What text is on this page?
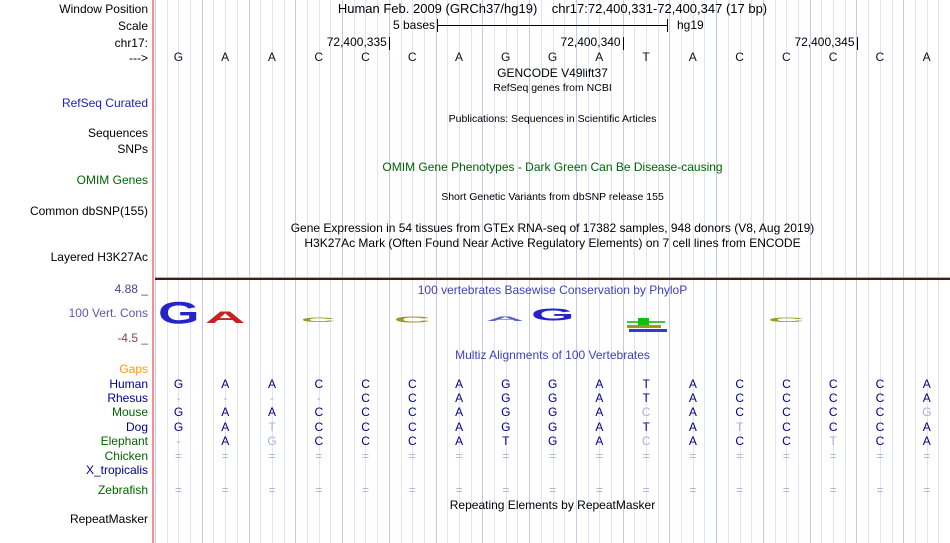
Window Position	Human Feb. 2009 (GRCh37/hg19) chr17:72,400,331-72,400,347 (17 bp)
Scale	5 bases	hg19
chr17:	72,400,335	72,400,340	72,400,345
--->	G	A	A	C	C	C	A	G	G	A	T	A	C	C	C	C	A
GENCODE V49lift37
RefSeq genes from NCBI
RefSeq Curated
Publications: Sequences in Scientific Articles
Sequences
SNPs
OMIM Gene Phenotypes - Dark Green Can Be Disease-causing
OMIM Genes
Short Genetic Variants from dbSNP release 155
Common dbSNP(155)
Gene Expression in 54 tissues from GTEx RNA-seq of 17382 samples, 948 donors (V8, Aug 2019)
H3K27Ac Mark (Often Found Near Active Regulatory Elements) on 7 cell lines from ENCODE
Layered H3K27Ac
4.88 _	100 vertebrates Basewise Conservation by PhyloP
100 Vert. Cons
-4.5 _
G A	C	C	A G	C
Multiz Alignments of 100 Vertebrates
Gaps
Human	G	A	A	C	C	C	A	G	G	A	T	A	C	C	C	C	A
Rhesus	-	-	-	-	C	C	A	G	G	A	T	A	C	C	C	C	A
Mouse	G	A	A	C	C	C	A	G	G	A	C	A	C	C	C	C	G
Dog	G	A	T	C	C	C	A	G	G	A	T	A	T	C	C	C	A
Elephant	-	A	G	C	C	C	A	T	G	A	C	A	C	C	T	C	A
Chicken	=	=	=	=	=	=	=	=	=	=	=	=	=	=	=	=	=
X_tropicalis
Zebrafish	=	=	=	=	=	=	=	=	=	=	=	=	=	=	=	=	=
Repeating Elements by RepeatMasker
RepeatMasker
